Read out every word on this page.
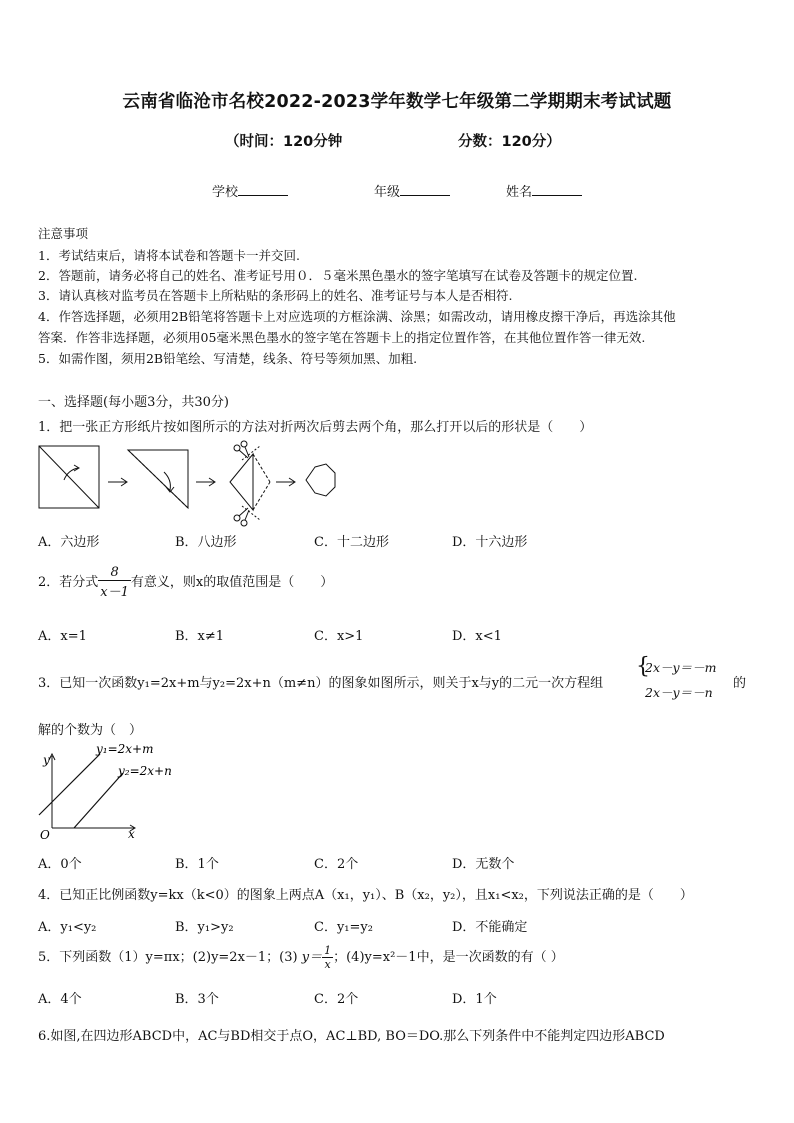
云南省临沧市名校2022-2023学年数学七年级第二学期期末考试试题
（时间：120分钟	分数：120分）
学校	年级	姓名
注意事项
1．考试结束后，请将本试卷和答题卡一并交回.
2．答题前，请务必将自己的姓名、准考证号用０．５毫米黑色墨水的签字笔填写在试卷及答题卡的规定位置.
3．请认真核对监考员在答题卡上所粘贴的条形码上的姓名、准考证号与本人是否相符.
4．作答选择题，必须用2B铅笔将答题卡上对应选项的方框涂满、涂黑；如需改动，请用橡皮擦干净后，再选涂其他
答案．作答非选择题，必须用05毫米黑色墨水的签字笔在答题卡上的指定位置作答，在其他位置作答一律无效.
5．如需作图，须用2B铅笔绘、写清楚，线条、符号等须加黑、加粗.
一、选择题(每小题3分，共30分)
1．把一张正方形纸片按如图所示的方法对折两次后剪去两个角，那么打开以后的形状是（　　）
A．六边形	B．八边形	C．十二边形	D．十六边形
2．若分式 $\frac{8}{x-1}$ 有意义，则x的取值范围是（　　）
A．x=1	B．x≠1	C．x>1	D．x<1
3．已知一次函数y₁=2x+m与y₂=2x+n（m≠n）的图象如图所示，则关于x与y的二元一次方程组
{
2x－y＝－m
2x－y＝－n
的
解的个数为（　）
y
x
O
y₁=2x+m
y₂=2x+n
A．0个	B．1个	C．2个	D．无数个
4．已知正比例函数y=kx（k<0）的图象上两点A（x₁，y₁）、B（x₂，y₂），且x₁<x₂，下列说法正确的是（　　）
A．y₁<y₂	B．y₁>y₂	C．y₁=y₂	D．不能确定
5．下列函数（1）y=πx；(2)y=2x－1；(3) $y= \frac{1}{x}$ ；(4)y=x²－1中，是一次函数的有（ ）
A．4个	B．3个	C．2个	D．1个
6.如图,在四边形ABCD中，AC与BD相交于点O，AC⊥BD, BO＝DO.那么下列条件中不能判定四边形ABCD
